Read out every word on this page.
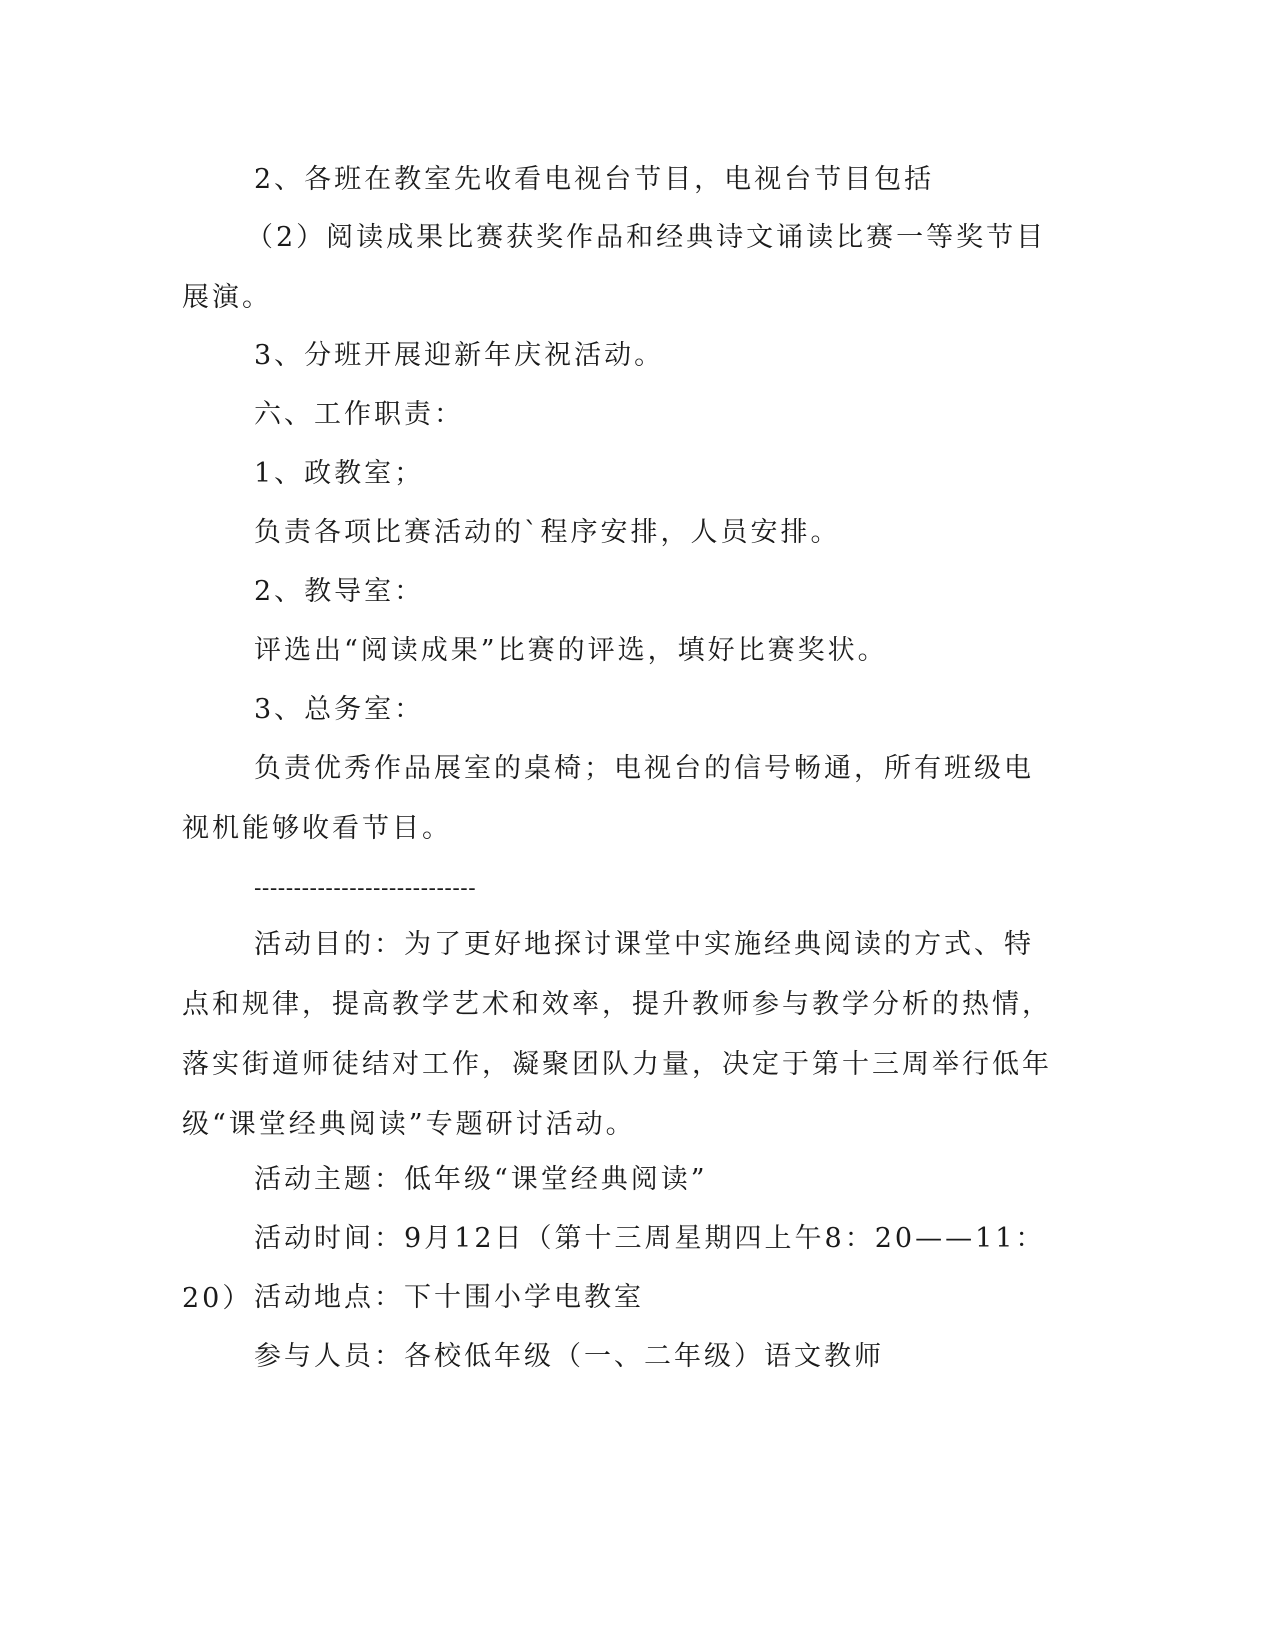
2、各班在教室先收看电视台节目，电视台节目包括

（2）阅读成果比赛获奖作品和经典诗文诵读比赛一等奖节目展演。

3、分班开展迎新年庆祝活动。

六、工作职责：

1、政教室；

负责各项比赛活动的`程序安排，人员安排。

2、教导室：

评选出“阅读成果”比赛的评选，填好比赛奖状。

3、总务室：

负责优秀作品展室的桌椅；电视台的信号畅通，所有班级电视机能够收看节目。

----------------------------

活动目的：为了更好地探讨课堂中实施经典阅读的方式、特点和规律，提高教学艺术和效率，提升教师参与教学分析的热情，落实街道师徒结对工作，凝聚团队力量，决定于第十三周举行低年级“课堂经典阅读”专题研讨活动。

活动主题：低年级“课堂经典阅读”

活动时间：9月12日（第十三周星期四上午8：20——11：20） 活动地点：下十围小学电教室

参与人员：各校低年级（一、二年级）语文教师
